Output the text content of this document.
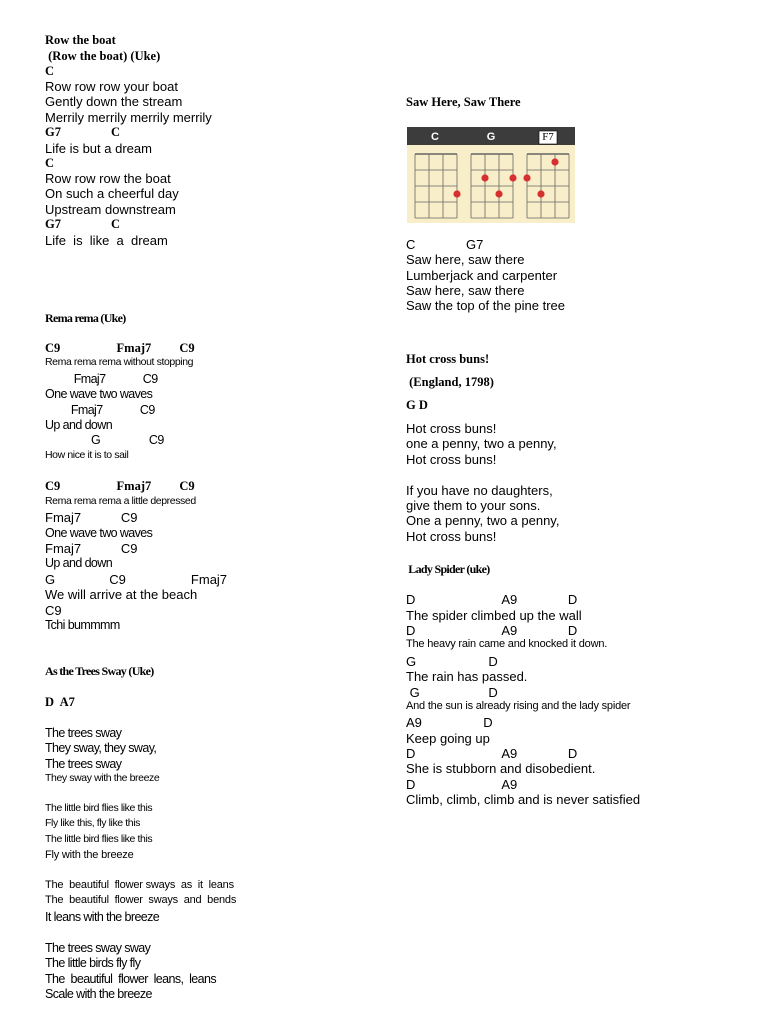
Row the boat
(Row the boat) (Uke)
C
Row row row your boat
Gently down the stream
Merrily merrily merrily merrily
G7                C
Life is but a dream
C
Row row row the boat
On such a cheerful day
Upstream downstream
G7                C
Life  is  like  a  dream
Rema rema (Uke)
C9                  Fmaj7         C9
Rema rema rema without stopping
Fmaj7             C9
One wave two waves
Fmaj7             C9
Up and down
G                 C9
How nice it is to sail
C9                  Fmaj7         C9
Rema rema rema a little depressed
Fmaj7           C9
One wave two waves
Fmaj7           C9
Up and down
G               C9                  Fmaj7
We will arrive at the beach
C9
Tchi bummmm
As the Trees Sway (Uke)
D  A7
The trees sway
They sway, they sway,
The trees sway
They sway with the breeze
The little bird flies like this
Fly like this, fly like this
The little bird flies like this
Fly with the breeze
The  beautiful  flower sways  as  it  leans
The  beautiful  flower  sways  and  bends
It leans with the breeze
The trees sway sway
The little birds fly fly
The  beautiful  flower  leans,  leans
Scale with the breeze
Saw Here, Saw There
C	G	F7
C              G7
Saw here, saw there
Lumberjack and carpenter
Saw here, saw there
Saw the top of the pine tree
Hot cross buns!
(England, 1798)
G D
Hot cross buns!
one a penny, two a penny,
Hot cross buns!
If you have no daughters,
give them to your sons.
One a penny, two a penny,
Hot cross buns!
Lady Spider (uke)
D                        A9              D
The spider climbed up the wall
D                        A9              D
The heavy rain came and knocked it down.
G                    D
The rain has passed.
G                   D
And the sun is already rising and the lady spider
A9                 D
Keep going up
D                        A9              D
She is stubborn and disobedient.
D                        A9
Climb, climb, climb and is never satisfied
